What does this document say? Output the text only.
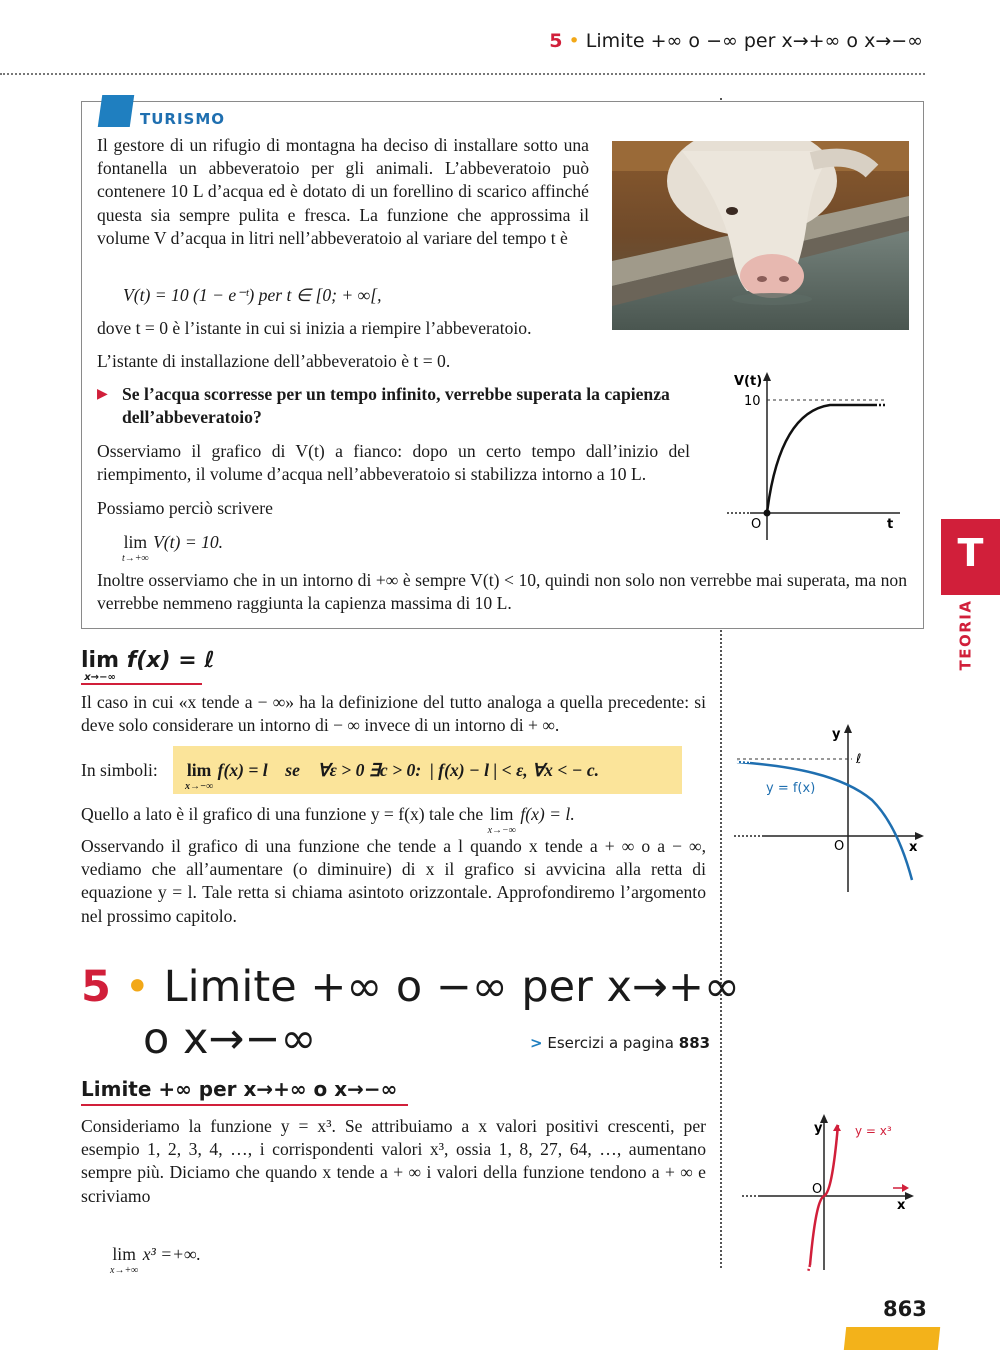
5 • Limite +∞ o −∞ per x→+∞ o x→−∞
TURISMO
Il gestore di un rifugio di montagna ha deciso di installare sotto una fontanella un abbeveratoio per gli animali. L’abbeveratoio può contenere 10 L d’acqua ed è dotato di un forellino di scarico affinché questa sia sempre pulita e fresca. La funzione che approssima il volume V d’acqua in litri nell’abbeveratoio al variare del tempo t è
V(t) = 10 (1 − e⁻ᵗ) per t ∈ [0; + ∞[,
dove t = 0 è l’istante in cui si inizia a riempire l’abbeveratoio.
L’istante di installazione dell’abbeveratoio è t = 0.
▶ Se l’acqua scorresse per un tempo infinito, verrebbe superata la capienza dell’abbeveratoio?
Osserviamo il grafico di V(t) a fianco: dopo un certo tempo dall’inizio del riempimento, il volume d’acqua nell’abbeveratoio si stabilizza intorno a 10 L.
Possiamo perciò scrivere
lim
t→+∞
V(t) = 10.
Inoltre osserviamo che in un intorno di +∞ è sempre V(t) < 10, quindi non solo non verrebbe mai superata, ma non verrebbe nemmeno raggiunta la capienza massima di 10 L.
V(t)
10
O	t
lim
x→−∞
f(x) = ℓ
Il caso in cui «x tende a − ∞» ha la definizione del tutto analoga a quella precedente: si deve solo considerare un intorno di − ∞ invece di un intorno di + ∞.
In simboli: lim
x→−∞
f(x) = l    se    ∀ε > 0 ∃c > 0:  | f(x) − l | < ε, ∀x < − c.
Quello a lato è il grafico di una funzione y = f(x) tale che lim
x→−∞
f(x) = l.
Osservando il grafico di una funzione che tende a l quando x tende a + ∞ o a − ∞, vediamo che all’aumentare (o diminuire) di x il grafico si avvicina alla retta di equazione y = l. Tale retta si chiama asintoto orizzontale. Approfondiremo l’argomento nel prossimo capitolo.
y
ℓ
y = f(x)
O	x
5 • Limite +∞ o −∞ per x→+∞
o x→−∞	> Esercizi a pagina 883
Limite +∞ per x→+∞ o x→−∞
Consideriamo la funzione y = x³. Se attribuiamo a x valori positivi crescenti, per esempio 1, 2, 3, 4, …, i corrispondenti valori x³, ossia 1, 8, 27, 64, …, aumentano sempre più. Diciamo che quando x tende a + ∞ i valori della funzione tendono a + ∞ e scriviamo
lim
x→+∞
x³ =+∞.
y	y = x³
O
x
T
TEORIA
863
